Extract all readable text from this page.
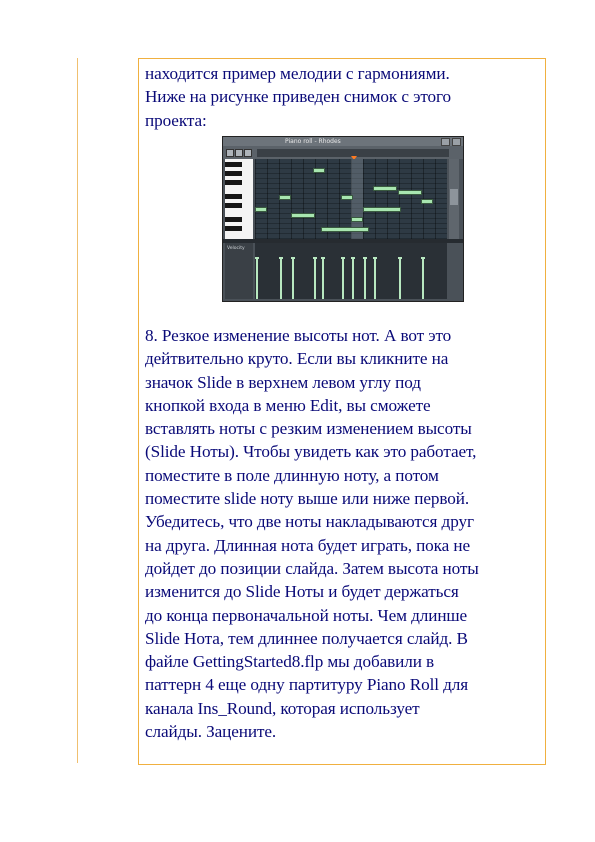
находится пример мелодии с гармониями.
Ниже на рисунке приведен снимок с этого
проекта:
Piano roll - Rhodes
Velocity
8. Резкое изменение высоты нот. А вот это
дейтвительно круто. Если вы кликните на
значок Slide в верхнем левом углу под
кнопкой входа в меню Edit, вы сможете
вставлять ноты с резким изменением высоты
(Slide Ноты). Чтобы увидеть как это работает,
поместите в поле длинную ноту, а потом
поместите slide ноту выше или ниже первой.
Убедитесь, что две ноты накладываются друг
на друга. Длинная нота будет играть, пока не
дойдет до позиции слайда. Затем высота ноты
изменится до Slide Ноты и будет держаться
до конца первоначальной ноты. Чем длинше
Slide Нота, тем длиннее получается слайд. В
файле GettingStarted8.flp мы добавили в
паттерн 4 еще одну партитуру Piano Roll для
канала Ins_Round, которая использует
слайды. Зацените.
